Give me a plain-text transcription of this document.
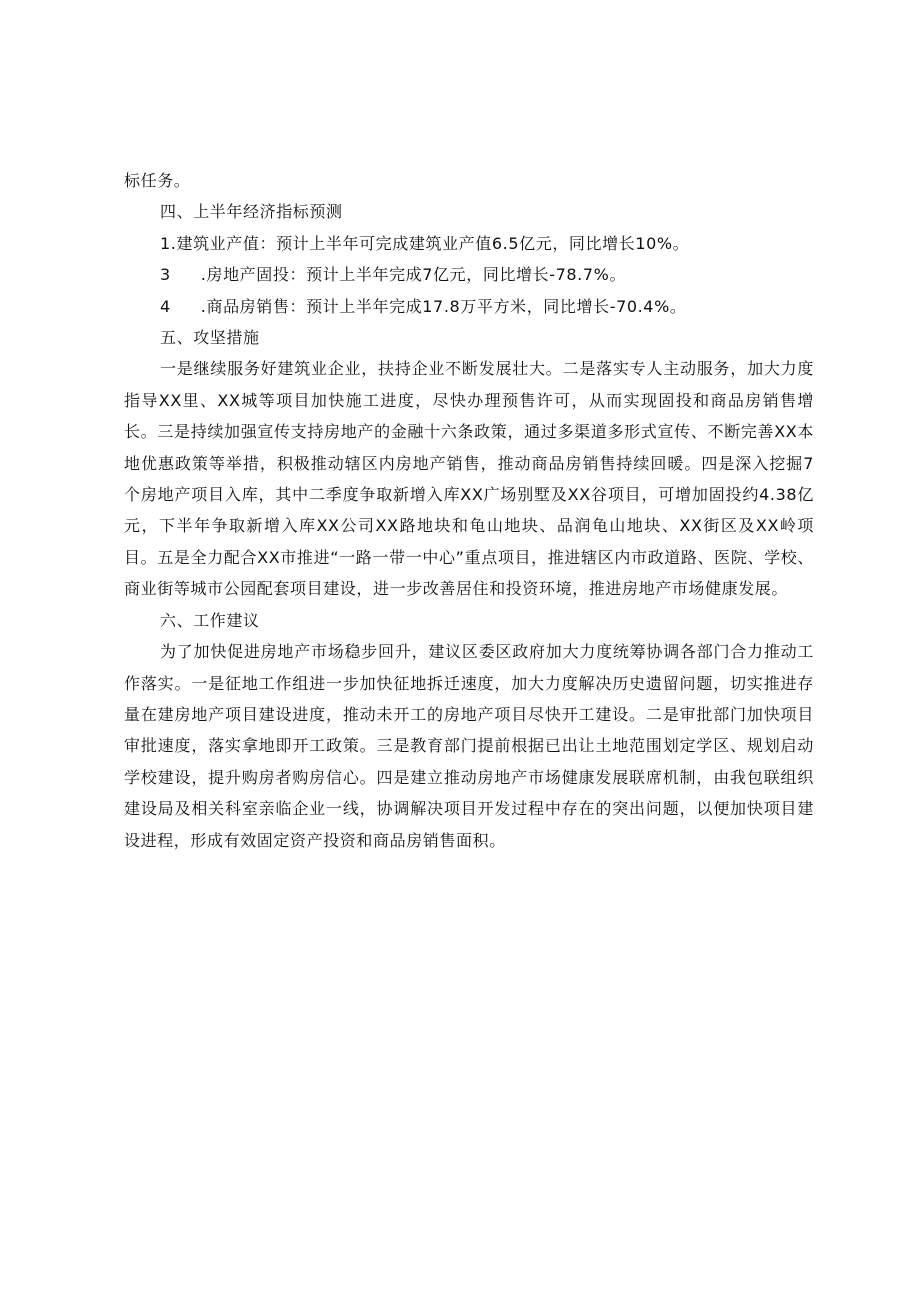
标任务。

四、上半年经济指标预测

1.建筑业产值：预计上半年可完成建筑业产值6.5亿元，同比增长10%。

3 .房地产固投：预计上半年完成7亿元，同比增长-78.7%。

4 .商品房销售：预计上半年完成17.8万平方米，同比增长-70.4%。

五、攻坚措施

一是继续服务好建筑业企业，扶持企业不断发展壮大。二是落实专人主动服务，加大力度指导XX里、XX城等项目加快施工进度，尽快办理预售许可，从而实现固投和商品房销售增长。三是持续加强宣传支持房地产的金融十六条政策，通过多渠道多形式宣传、不断完善XX本地优惠政策等举措，积极推动辖区内房地产销售，推动商品房销售持续回暖。四是深入挖掘7个房地产项目入库，其中二季度争取新增入库XX广场别墅及XX谷项目，可增加固投约4.38亿元，下半年争取新增入库XX公司XX路地块和龟山地块、品润龟山地块、XX街区及XX岭项目。五是全力配合XX市推进“一路一带一中心”重点项目，推进辖区内市政道路、医院、学校、商业街等城市公园配套项目建设，进一步改善居住和投资环境，推进房地产市场健康发展。

六、工作建议

为了加快促进房地产市场稳步回升，建议区委区政府加大力度统筹协调各部门合力推动工作落实。一是征地工作组进一步加快征地拆迁速度，加大力度解决历史遗留问题，切实推进存量在建房地产项目建设进度，推动未开工的房地产项目尽快开工建设。二是审批部门加快项目审批速度，落实拿地即开工政策。三是教育部门提前根据已出让土地范围划定学区、规划启动学校建设，提升购房者购房信心。四是建立推动房地产市场健康发展联席机制，由我包联组织建设局及相关科室亲临企业一线，协调解决项目开发过程中存在的突出问题，以便加快项目建设进程，形成有效固定资产投资和商品房销售面积。
